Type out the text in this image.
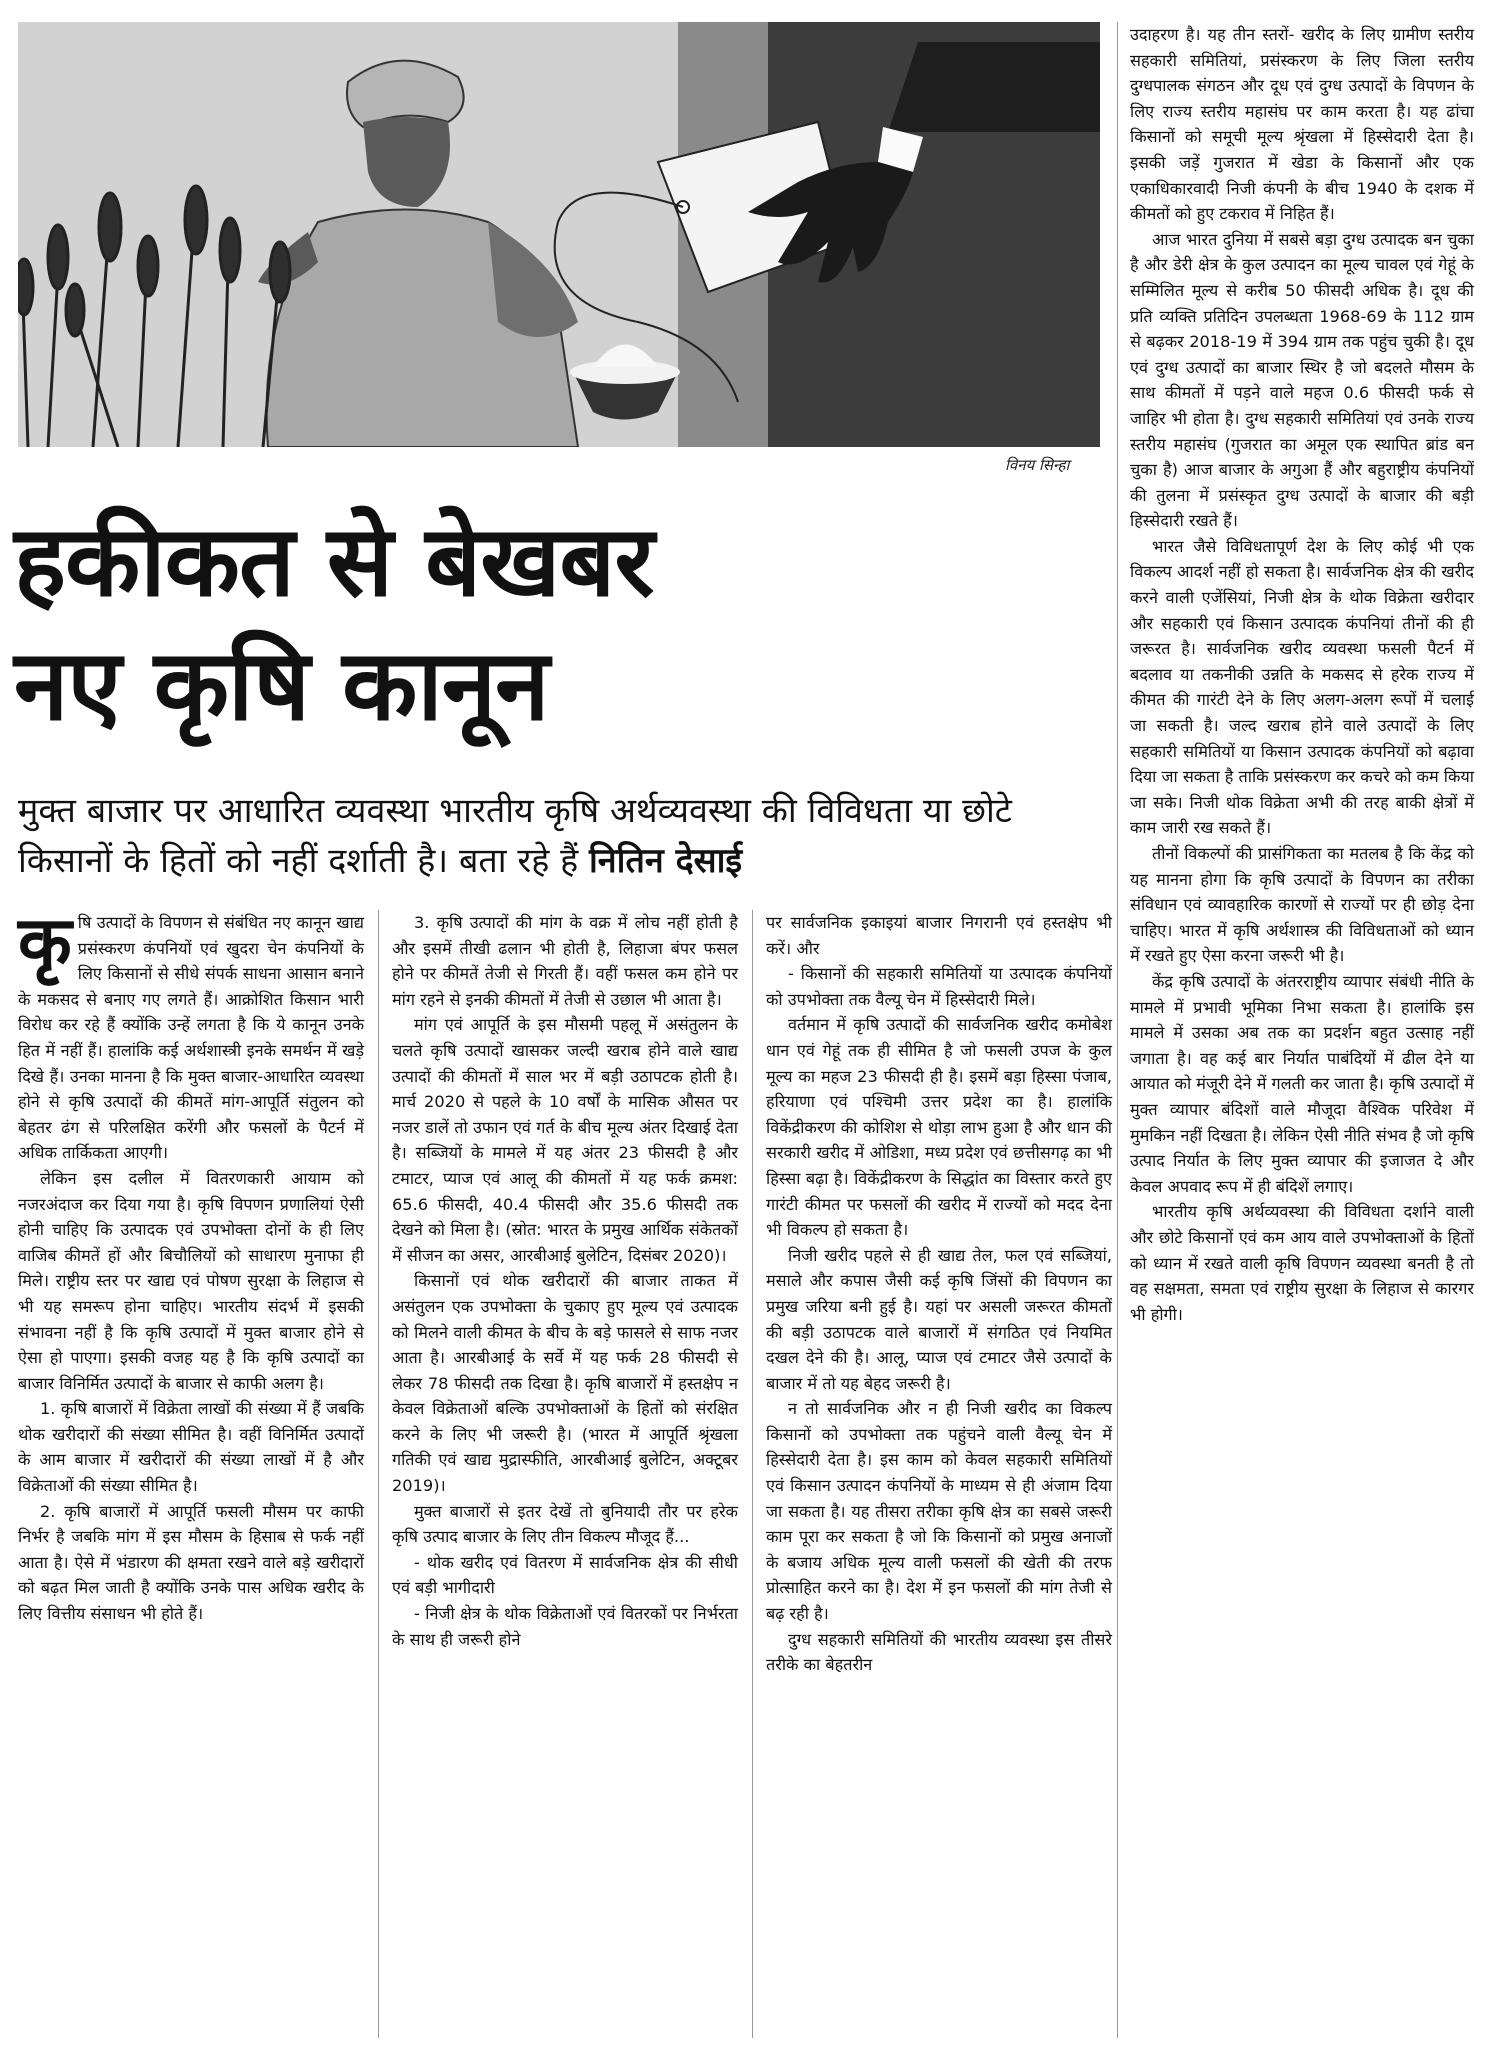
विनय सिन्हा
हकीकत से बेखबर
नए कृषि कानून
मुक्त बाजार पर आधारित व्यवस्था भारतीय कृषि अर्थव्यवस्था की विविधता या छोटे किसानों के हितों को नहीं दर्शाती है। बता रहे हैं नितिन देसाई

कृषि उत्पादों के विपणन से संबंधित नए कानून खाद्य प्रसंस्करण कंपनियों एवं खुदरा चेन कंपनियों के लिए किसानों से सीधे संपर्क साधना आसान बनाने के मकसद से बनाए गए लगते हैं। आक्रोशित किसान भारी विरोध कर रहे हैं क्योंकि उन्हें लगता है कि ये कानून उनके हित में नहीं हैं। हालांकि कई अर्थशास्त्री इनके समर्थन में खड़े दिखे हैं। उनका मानना है कि मुक्त बाजार-आधारित व्यवस्था होने से कृषि उत्पादों की कीमतें मांग-आपूर्ति संतुलन को बेहतर ढंग से परिलक्षित करेंगी और फसलों के पैटर्न में अधिक तार्किकता आएगी।

लेकिन इस दलील में वितरणकारी आयाम को नजरअंदाज कर दिया गया है। कृषि विपणन प्रणालियां ऐसी होनी चाहिए कि उत्पादक एवं उपभोक्ता दोनों के ही लिए वाजिब कीमतें हों और बिचौलियों को साधारण मुनाफा ही मिले। राष्ट्रीय स्तर पर खाद्य एवं पोषण सुरक्षा के लिहाज से भी यह समरूप होना चाहिए। भारतीय संदर्भ में इसकी संभावना नहीं है कि कृषि उत्पादों में मुक्त बाजार होने से ऐसा हो पाएगा। इसकी वजह यह है कि कृषि उत्पादों का बाजार विनिर्मित उत्पादों के बाजार से काफी अलग है।

1. कृषि बाजारों में विक्रेता लाखों की संख्या में हैं जबकि थोक खरीदारों की संख्या सीमित है। वहीं विनिर्मित उत्पादों के आम बाजार में खरीदारों की संख्या लाखों में है और विक्रेताओं की संख्या सीमित है।

2. कृषि बाजारों में आपूर्ति फसली मौसम पर काफी निर्भर है जबकि मांग में इस मौसम के हिसाब से फर्क नहीं आता है। ऐसे में भंडारण की क्षमता रखने वाले बड़े खरीदारों को बढ़त मिल जाती है क्योंकि उनके पास अधिक खरीद के लिए वित्तीय संसाधन भी होते हैं।

3. कृषि उत्पादों की मांग के वक्र में लोच नहीं होती है और इसमें तीखी ढलान भी होती है, लिहाजा बंपर फसल होने पर कीमतें तेजी से गिरती हैं। वहीं फसल कम होने पर मांग रहने से इनकी कीमतों में तेजी से उछाल भी आता है।

मांग एवं आपूर्ति के इस मौसमी पहलू में असंतुलन के चलते कृषि उत्पादों खासकर जल्दी खराब होने वाले खाद्य उत्पादों की कीमतों में साल भर में बड़ी उठापटक होती है। मार्च 2020 से पहले के 10 वर्षों के मासिक औसत पर नजर डालें तो उफान एवं गर्त के बीच मूल्य अंतर दिखाई देता है। सब्जियों के मामले में यह अंतर 23 फीसदी है और टमाटर, प्याज एवं आलू की कीमतों में यह फर्क क्रमश: 65.6 फीसदी, 40.4 फीसदी और 35.6 फीसदी तक देखने को मिला है। (स्रोत: भारत के प्रमुख आर्थिक संकेतकों में सीजन का असर, आरबीआई बुलेटिन, दिसंबर 2020)।

किसानों एवं थोक खरीदारों की बाजार ताकत में असंतुलन एक उपभोक्ता के चुकाए हुए मूल्य एवं उत्पादक को मिलने वाली कीमत के बीच के बड़े फासले से साफ नजर आता है। आरबीआई के सर्वे में यह फर्क 28 फीसदी से लेकर 78 फीसदी तक दिखा है। कृषि बाजारों में हस्तक्षेप न केवल विक्रेताओं बल्कि उपभोक्ताओं के हितों को संरक्षित करने के लिए भी जरूरी है। (भारत में आपूर्ति श्रृंखला गतिकी एवं खाद्य मुद्रास्फीति, आरबीआई बुलेटिन, अक्टूबर 2019)।

मुक्त बाजारों से इतर देखें तो बुनियादी तौर पर हरेक कृषि उत्पाद बाजार के लिए तीन विकल्प मौजूद हैं...

- थोक खरीद एवं वितरण में सार्वजनिक क्षेत्र की सीधी एवं बड़ी भागीदारी

- निजी क्षेत्र के थोक विक्रेताओं एवं वितरकों पर निर्भरता के साथ ही जरूरी होने

पर सार्वजनिक इकाइयां बाजार निगरानी एवं हस्तक्षेप भी करें। और

- किसानों की सहकारी समितियों या उत्पादक कंपनियों को उपभोक्ता तक वैल्यू चेन में हिस्सेदारी मिले।

वर्तमान में कृषि उत्पादों की सार्वजनिक खरीद कमोबेश धान एवं गेहूं तक ही सीमित है जो फसली उपज के कुल मूल्य का महज 23 फीसदी ही है। इसमें बड़ा हिस्सा पंजाब, हरियाणा एवं पश्चिमी उत्तर प्रदेश का है। हालांकि विकेंद्रीकरण की कोशिश से थोड़ा लाभ हुआ है और धान की सरकारी खरीद में ओडिशा, मध्य प्रदेश एवं छत्तीसगढ़ का भी हिस्सा बढ़ा है। विकेंद्रीकरण के सिद्धांत का विस्तार करते हुए गारंटी कीमत पर फसलों की खरीद में राज्यों को मदद देना भी विकल्प हो सकता है।

निजी खरीद पहले से ही खाद्य तेल, फल एवं सब्जियां, मसाले और कपास जैसी कई कृषि जिंसों की विपणन का प्रमुख जरिया बनी हुई है। यहां पर असली जरूरत कीमतों की बड़ी उठापटक वाले बाजारों में संगठित एवं नियमित दखल देने की है। आलू, प्याज एवं टमाटर जैसे उत्पादों के बाजार में तो यह बेहद जरूरी है।

न तो सार्वजनिक और न ही निजी खरीद का विकल्प किसानों को उपभोक्ता तक पहुंचने वाली वैल्यू चेन में हिस्सेदारी देता है। इस काम को केवल सहकारी समितियों एवं किसान उत्पादन कंपनियों के माध्यम से ही अंजाम दिया जा सकता है। यह तीसरा तरीका कृषि क्षेत्र का सबसे जरूरी काम पूरा कर सकता है जो कि किसानों को प्रमुख अनाजों के बजाय अधिक मूल्य वाली फसलों की खेती की तरफ प्रोत्साहित करने का है। देश में इन फसलों की मांग तेजी से बढ़ रही है।

दुग्ध सहकारी समितियों की भारतीय व्यवस्था इस तीसरे तरीके का बेहतरीन

उदाहरण है। यह तीन स्तरों- खरीद के लिए ग्रामीण स्तरीय सहकारी समितियां, प्रसंस्करण के लिए जिला स्तरीय दुग्धपालक संगठन और दूध एवं दुग्ध उत्पादों के विपणन के लिए राज्य स्तरीय महासंघ पर काम करता है। यह ढांचा किसानों को समूची मूल्य श्रृंखला में हिस्सेदारी देता है। इसकी जड़ें गुजरात में खेडा के किसानों और एक एकाधिकारवादी निजी कंपनी के बीच 1940 के दशक में कीमतों को हुए टकराव में निहित हैं।

आज भारत दुनिया में सबसे बड़ा दुग्ध उत्पादक बन चुका है और डेरी क्षेत्र के कुल उत्पादन का मूल्य चावल एवं गेहूं के सम्मिलित मूल्य से करीब 50 फीसदी अधिक है। दूध की प्रति व्यक्ति प्रतिदिन उपलब्धता 1968-69 के 112 ग्राम से बढ़कर 2018-19 में 394 ग्राम तक पहुंच चुकी है। दूध एवं दुग्ध उत्पादों का बाजार स्थिर है जो बदलते मौसम के साथ कीमतों में पड़ने वाले महज 0.6 फीसदी फर्क से जाहिर भी होता है। दुग्ध सहकारी समितियां एवं उनके राज्य स्तरीय महासंघ (गुजरात का अमूल एक स्थापित ब्रांड बन चुका है) आज बाजार के अगुआ हैं और बहुराष्ट्रीय कंपनियों की तुलना में प्रसंस्कृत दुग्ध उत्पादों के बाजार की बड़ी हिस्सेदारी रखते हैं।

भारत जैसे विविधतापूर्ण देश के लिए कोई भी एक विकल्प आदर्श नहीं हो सकता है। सार्वजनिक क्षेत्र की खरीद करने वाली एजेंसियां, निजी क्षेत्र के थोक विक्रेता खरीदार और सहकारी एवं किसान उत्पादक कंपनियां तीनों की ही जरूरत है। सार्वजनिक खरीद व्यवस्था फसली पैटर्न में बदलाव या तकनीकी उन्नति के मकसद से हरेक राज्य में कीमत की गारंटी देने के लिए अलग-अलग रूपों में चलाई जा सकती है। जल्द खराब होने वाले उत्पादों के लिए सहकारी समितियों या किसान उत्पादक कंपनियों को बढ़ावा दिया जा सकता है ताकि प्रसंस्करण कर कचरे को कम किया जा सके। निजी थोक विक्रेता अभी की तरह बाकी क्षेत्रों में काम जारी रख सकते हैं।

तीनों विकल्पों की प्रासंगिकता का मतलब है कि केंद्र को यह मानना होगा कि कृषि उत्पादों के विपणन का तरीका संविधान एवं व्यावहारिक कारणों से राज्यों पर ही छोड़ देना चाहिए। भारत में कृषि अर्थशास्त्र की विविधताओं को ध्यान में रखते हुए ऐसा करना जरूरी भी है।

केंद्र कृषि उत्पादों के अंतरराष्ट्रीय व्यापार संबंधी नीति के मामले में प्रभावी भूमिका निभा सकता है। हालांकि इस मामले में उसका अब तक का प्रदर्शन बहुत उत्साह नहीं जगाता है। वह कई बार निर्यात पाबंदियों में ढील देने या आयात को मंजूरी देने में गलती कर जाता है। कृषि उत्पादों में मुक्त व्यापार बंदिशों वाले मौजूदा वैश्विक परिवेश में मुमकिन नहीं दिखता है। लेकिन ऐसी नीति संभव है जो कृषि उत्पाद निर्यात के लिए मुक्त व्यापार की इजाजत दे और केवल अपवाद रूप में ही बंदिशें लगाए।

भारतीय कृषि अर्थव्यवस्था की विविधता दर्शाने वाली और छोटे किसानों एवं कम आय वाले उपभोक्ताओं के हितों को ध्यान में रखते वाली कृषि विपणन व्यवस्था बनती है तो वह सक्षमता, समता एवं राष्ट्रीय सुरक्षा के लिहाज से कारगर भी होगी।
